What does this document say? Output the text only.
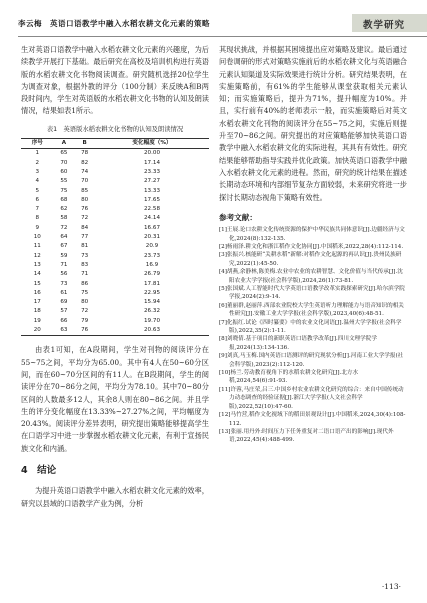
李云梅　英语口语教学中融入水稻农耕文化元素的策略	教学研究

生对英语口语教学中融入水稻农耕文化元素的兴趣度，为后续教学开展打下基础。最后研究在高校及培训机构进行英语版的水稻农耕文化书物阅读调查。研究随机选择20位学生为调查对象，根据外教的评分（100分制）来反映A和B两段时间内，学生对英语版的水稻农耕文化书物的认知及朗读情况，结果如表1所示。

表1　英语版水稻农耕文化书物的认知及朗读情况
序号	A	B	变化幅度（%）
1	65	78	20.00
2	70	82	17.14
3	60	74	23.33
4	55	70	27.27
5	75	85	13.33
6	68	80	17.65
7	62	76	22.58
8	58	72	24.14
9	72	84	16.67
10	64	77	20.31
11	67	81	20.9
12	59	73	23.73
13	71	83	16.9
14	56	71	26.79
15	73	86	17.81
16	61	75	22.95
17	69	80	15.94
18	57	72	26.32
19	66	79	19.70
20	63	76	20.63

由表1可知，在A段期间，学生对刊物的阅读评分在55~75之间，平均分为65.00。其中有4人在50~60分区间，而在60~70分区间的有11人。在B段期间，学生的阅读评分在70~86分之间，平均分为78.10。其中70~80分区间的人数最多12人，其余8人则在80~86之间。并且学生的评分变化幅度在13.33%~27.27%之间，平均幅度为20.43%。阅读评分差异表明，研究提出策略能够提高学生在口语学习中进一步掌握水稻农耕文化元素，有利于宣扬民族文化和内涵。

4　结论

为提升英语口语教学中融入水稻农耕文化元素的效率，研究以县域的口语教学产业为例，分析

其现状挑战，并根据其困境提出应对策略及建议。最后通过问卷调研的形式对策略实施前后的水稻农耕文化与英语融合元素认知渠道及实际效果进行统计分析。研究结果表明，在实施策略前，有61%的学生能够从课堂获取相关元素认知；而实施策略后，提升为71%，提升幅度为10%。并且，实行前有40%的老师表示一般，而实施策略后对英文水稻农耕文化刊物的阅读评分在55~75之间，实施后则提升至70~86之间。研究提出的对应策略能够加快英语口语教学中融入水稻农耕文化的实际进程，其具有有效性。研究结果能够帮助指导实践并优化政策。加快英语口语教学中融入水稻农耕文化元素的进程。然而，研究的统计结果在描述长期动态环境和内部细节复杂方面较弱，未来研究将进一步探讨长期动态视角下策略有效性。

参考文献：

[1]王展.论口农耕文化传统资源的保护中华民族共同体意识[J].边疆经济与文化,2024(8):132-135.

[2]杨雨泽.耕文化和浙江稻作文化协同[J].中国稻米,2022,28(4):112-114.

[3]张振兴.核能研“关耕水稻”新解:对稻作文化起源的再认识[J].贵州民族研究,2022(1):45-50.

[4]胡燕,余静林,陈美梅.农业中农业的农耕智慧、文化价值与当代传承[J].沈阳农业大学学报(社会科学版),2024,26(1):73-81.

[5]张国斌.人工智能时代大学英语口语教学改革实践探索研究[J].哈尔滨学院学报,2024(2):9-14.

[6]董丽群,赵丽萍.西部农业院校大学生英语听力理解能力与语音知识的相关性研究[J].安徽工业大学学报(社会科学版),2023,40(6):48-51.

[7]化振红.试论《四时纂要》中的农业文化词语[J].温州大学学报(社会科学版),2022,35(2):1-11.

[8]刘晓倩.基于项目的新职英语口语教学改革[J].四川文理学院学报,2024(13):134-136.

[9]刘真,马玉梅.国内英语口语测评的研究现状分析[J].河南工业大学学报(社会科学版),2023(2):112-120.

[10]杨兰.劳动教育视角下的水稻农耕文化研究[J].北方水稻,2024,54(6):91-93.

[11]许蓉,马庄荣,吕三.中国乡村农业农耕文化研究的综合：来自中国传统动力动态调查的经验证据[J].浙江大学学报(人文社会科学版),2022,52(10):47-60.

[12]马竹营,稻作文化视域下的稻田景观设计[J].中国稻米,2024,30(4):108-112.

[13]张丽.用丹外:时间压力下任务重复对二语口语产出的影响[J].现代外语,2022,45(4):488-499.

·113·
